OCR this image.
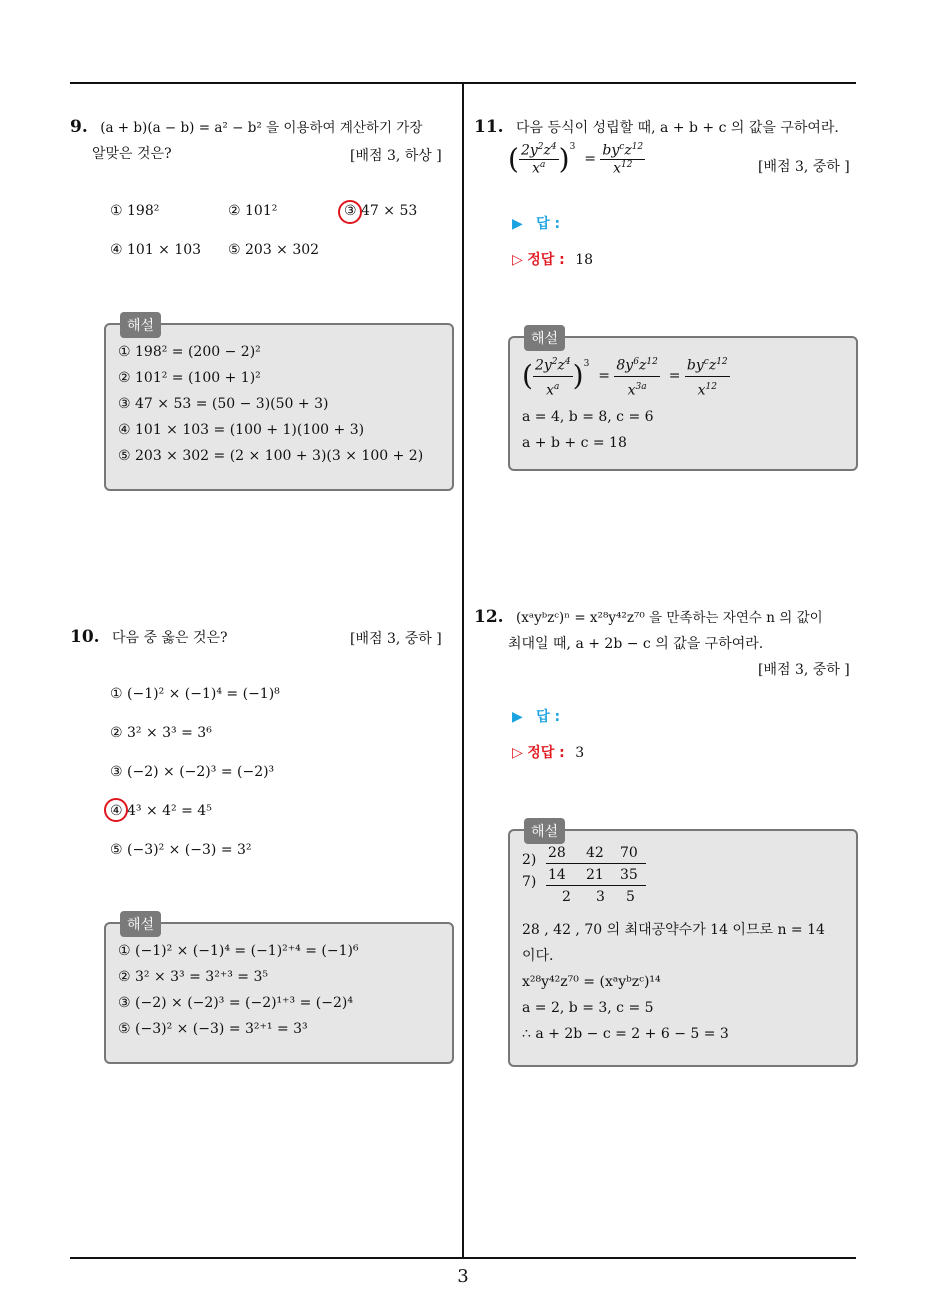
9. (a + b)(a − b) = a² − b² 을 이용하여 계산하기 가장
알맞은 것은?	[배점 3, 하상 ]
① 198²	② 101²	③ 47 × 53
④ 101 × 103 ⑤ 203 × 302
해설
① 198² = (200 − 2)²
② 101² = (100 + 1)²
③ 47 × 53 = (50 − 3)(50 + 3)
④ 101 × 103 = (100 + 1)(100 + 3)
⑤ 203 × 302 = (2 × 100 + 3)(3 × 100 + 2)
10. 다음 중 옳은 것은?	[배점 3, 중하 ]
① (−1)² × (−1)⁴ = (−1)⁸
② 3² × 3³ = 3⁶
③ (−2) × (−2)³ = (−2)³
④ 4³ × 4² = 4⁵
⑤ (−3)² × (−3) = 3²
해설
① (−1)² × (−1)⁴ = (−1)²⁺⁴ = (−1)⁶
② 3² × 3³ = 3²⁺³ = 3⁵
③ (−2) × (−2)³ = (−2)¹⁺³ = (−2)⁴
⑤ (−3)² × (−3) = 3²⁺¹ = 3³
11. 다음 등식이 성립할 때, a + b + c 의 값을 구하여라.
( $\frac{2y^2z^4}{x^a} )^3 = \frac{by^cz^{12}}{x^{12}}$	[배점 3, 중하 ]
▶ 답 :
▷ 정답 : 18
해설
( $\frac{2y^2z^4}{x^a} )^3 = \frac{8y^6z^{12}}{x^{3a}} = \frac{by^cz^{12}}{x^{12}}$
a = 4, b = 8, c = 6
a + b + c = 18
12. (xᵃyᵇzᶜ)ⁿ = x²⁸y⁴²z⁷⁰ 을 만족하는 자연수 n 의 값이
최대일 때, a + 2b − c 의 값을 구하여라.
[배점 3, 중하 ]
▶ 답 :
▷ 정답 : 3
해설
2) 28 42 70
7) 14 21 35
2 3 5
28 , 42 , 70 의 최대공약수가 14 이므로 n = 14
이다.
x²⁸y⁴²z⁷⁰ = (xᵃyᵇzᶜ)¹⁴
a = 2, b = 3, c = 5
∴ a + 2b − c = 2 + 6 − 5 = 3
3
